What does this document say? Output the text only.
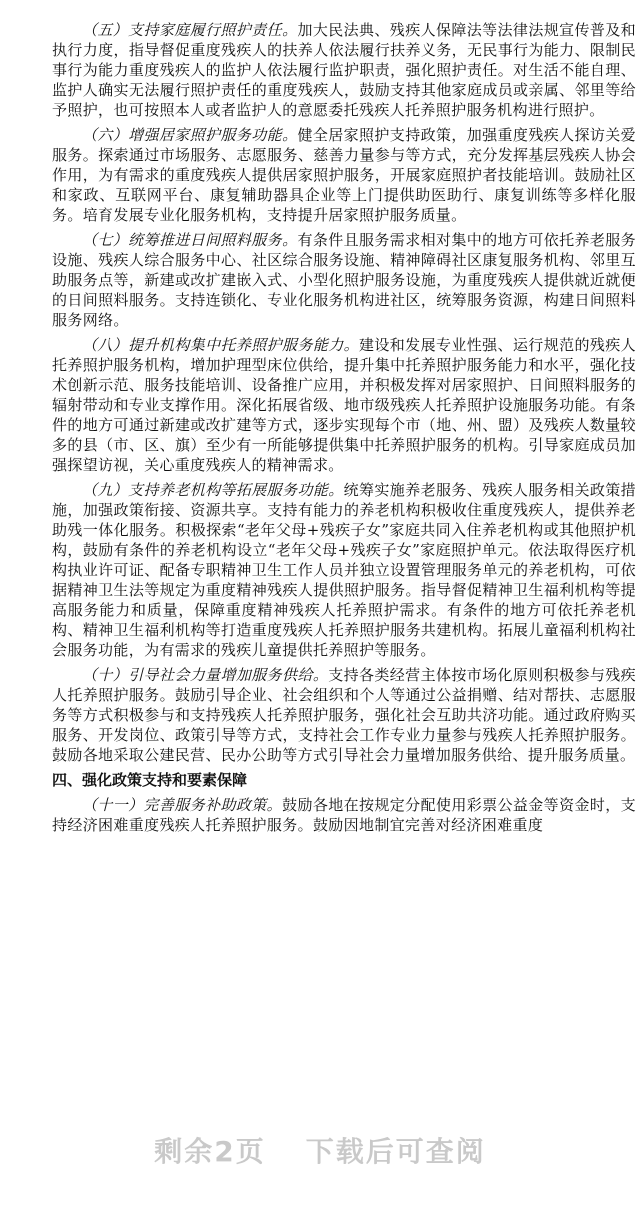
（五）支持家庭履行照护责任。加大民法典、残疾人保障法等法律法规宣传普及和执行力度，指导督促重度残疾人的扶养人依法履行扶养义务，无民事行为能力、限制民事行为能力重度残疾人的监护人依法履行监护职责，强化照护责任。对生活不能自理、监护人确实无法履行照护责任的重度残疾人，鼓励支持其他家庭成员或亲属、邻里等给予照护，也可按照本人或者监护人的意愿委托残疾人托养照护服务机构进行照护。

（六）增强居家照护服务功能。健全居家照护支持政策，加强重度残疾人探访关爱服务。探索通过市场服务、志愿服务、慈善力量参与等方式，充分发挥基层残疾人协会作用，为有需求的重度残疾人提供居家照护服务，开展家庭照护者技能培训。鼓励社区和家政、互联网平台、康复辅助器具企业等上门提供助医助行、康复训练等多样化服务。培育发展专业化服务机构，支持提升居家照护服务质量。

（七）统筹推进日间照料服务。有条件且服务需求相对集中的地方可依托养老服务设施、残疾人综合服务中心、社区综合服务设施、精神障碍社区康复服务机构、邻里互助服务点等，新建或改扩建嵌入式、小型化照护服务设施，为重度残疾人提供就近就便的日间照料服务。支持连锁化、专业化服务机构进社区，统筹服务资源，构建日间照料服务网络。

（八）提升机构集中托养照护服务能力。建设和发展专业性强、运行规范的残疾人托养照护服务机构，增加护理型床位供给，提升集中托养照护服务能力和水平，强化技术创新示范、服务技能培训、设备推广应用，并积极发挥对居家照护、日间照料服务的辐射带动和专业支撑作用。深化拓展省级、地市级残疾人托养照护设施服务功能。有条件的地方可通过新建或改扩建等方式，逐步实现每个市（地、州、盟）及残疾人数量较多的县（市、区、旗）至少有一所能够提供集中托养照护服务的机构。引导家庭成员加强探望访视，关心重度残疾人的精神需求。

（九）支持养老机构等拓展服务功能。统筹实施养老服务、残疾人服务相关政策措施，加强政策衔接、资源共享。支持有能力的养老机构积极收住重度残疾人，提供养老助残一体化服务。积极探索“老年父母+残疾子女”家庭共同入住养老机构或其他照护机构，鼓励有条件的养老机构设立“老年父母+残疾子女”家庭照护单元。依法取得医疗机构执业许可证、配备专职精神卫生工作人员并独立设置管理服务单元的养老机构，可依据精神卫生法等规定为重度精神残疾人提供照护服务。指导督促精神卫生福利机构等提高服务能力和质量，保障重度精神残疾人托养照护需求。有条件的地方可依托养老机构、精神卫生福利机构等打造重度残疾人托养照护服务共建机构。拓展儿童福利机构社会服务功能，为有需求的残疾儿童提供托养照护等服务。

（十）引导社会力量增加服务供给。支持各类经营主体按市场化原则积极参与残疾人托养照护服务。鼓励引导企业、社会组织和个人等通过公益捐赠、结对帮扶、志愿服务等方式积极参与和支持残疾人托养照护服务，强化社会互助共济功能。通过政府购买服务、开发岗位、政策引导等方式，支持社会工作专业力量参与残疾人托养照护服务。鼓励各地采取公建民营、民办公助等方式引导社会力量增加服务供给、提升服务质量。

四、强化政策支持和要素保障

（十一）完善服务补助政策。鼓励各地在按规定分配使用彩票公益金等资金时，支持经济困难重度残疾人托养照护服务。鼓励因地制宜完善对经济困难重度

剩余2页 下载后可查阅
